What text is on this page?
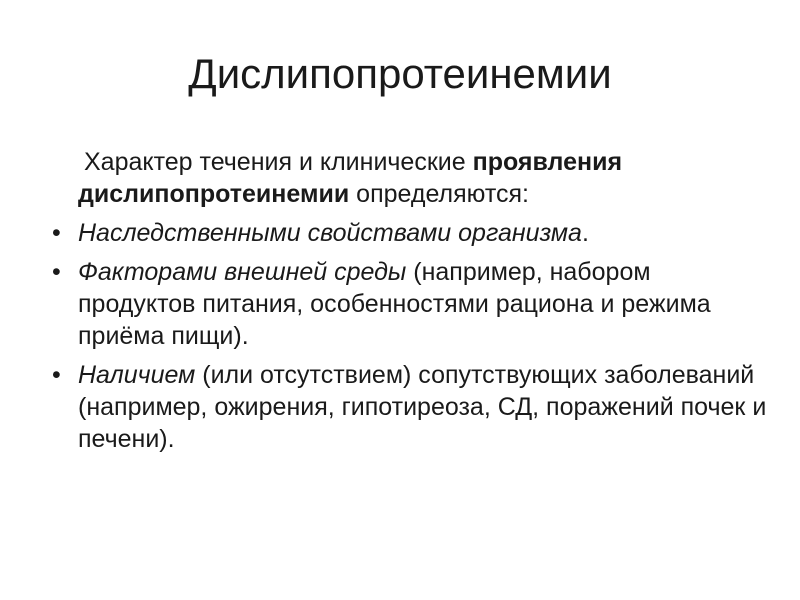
Дислипопротеинемии

Характер течения и клинические проявления дислипопротеинемии определяются:

• Наследственными свойствами организма.
• Факторами внешней среды (например, набором продуктов питания, особенностями рациона и режима приёма пищи).
• Наличием (или отсутствием) сопутствующих заболеваний (например, ожирения, гипотиреоза, СД, поражений почек и печени).
